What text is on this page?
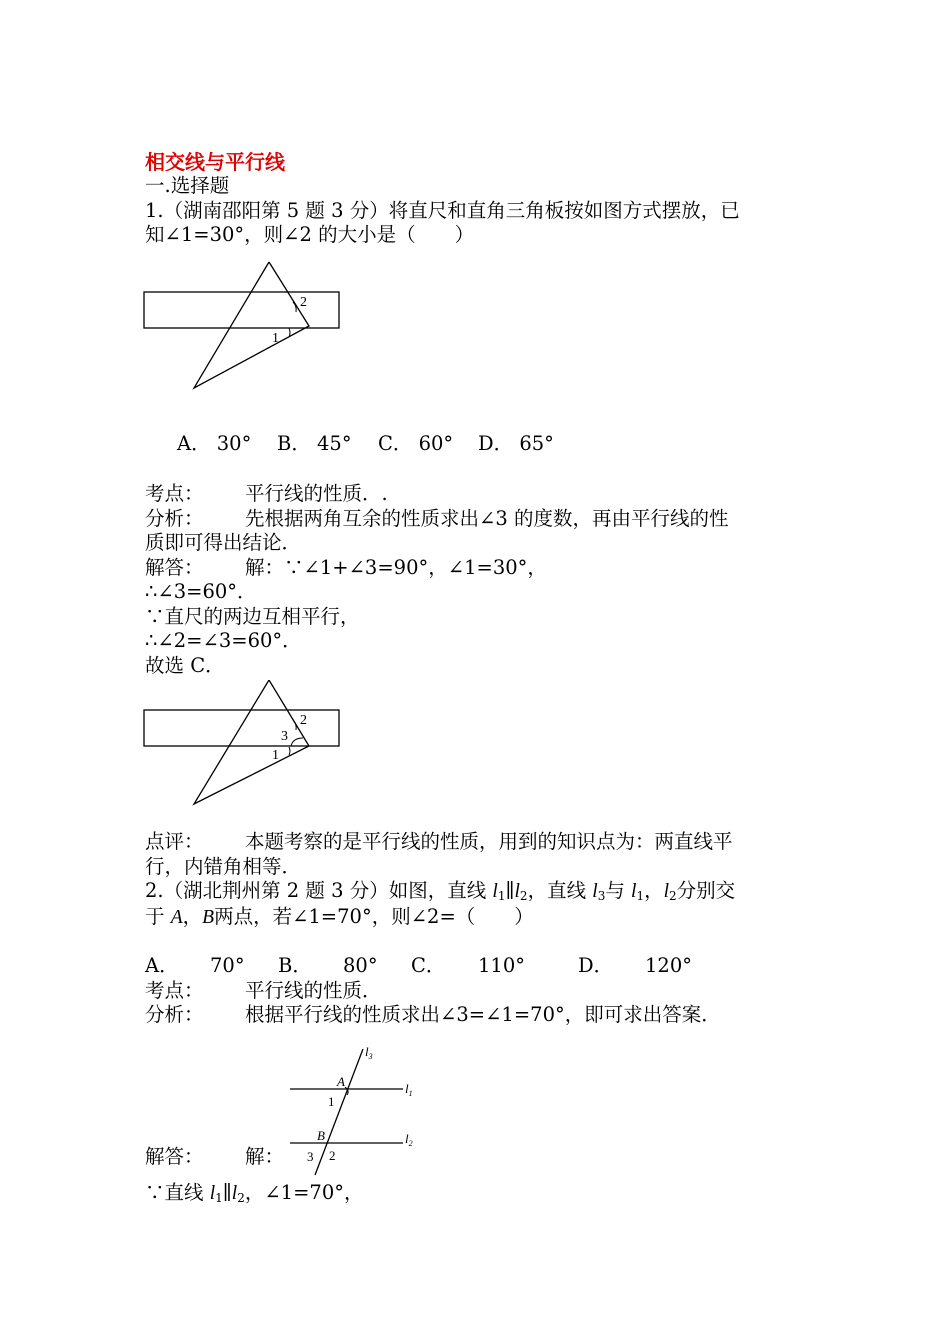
相交线与平行线
一.选择题
1.（湖南邵阳第 5 题 3 分）将直尺和直角三角板按如图方式摆放，已
知∠1=30°，则∠2 的大小是（　　）
2
1
A． 30° B． 45° C． 60° D． 65°
考点： 平行线的性质．.
分析： 先根据两角互余的性质求出∠3 的度数，再由平行线的性
质即可得出结论．
解答： 解：∵∠1+∠3=90°，∠1=30°，
∴∠3=60°．
∵直尺的两边互相平行，
∴∠2=∠3=60°．
故选 C．
2
3
1
点评： 本题考察的是平行线的性质，用到的知识点为：两直线平
行，内错角相等．
2.（湖北荆州第 2 题 3 分）如图，直线 $l_1\parallel l_2$，直线 $l_3$与 $l_1$，$l_2$分别交
于 A，B两点，若∠1=70°，则∠2=（　　）
A． 70° B． 80° C． 110°	D． 120°
考点： 平行线的性质．
分析： 根据平行线的性质求出∠3=∠1=70°，即可求出答案．
$l_3$
$l_1$
$l_2$
A
B
1
3 2
解答： 解：
∵直线 $l_1\parallel l_2$，∠1=70°，
